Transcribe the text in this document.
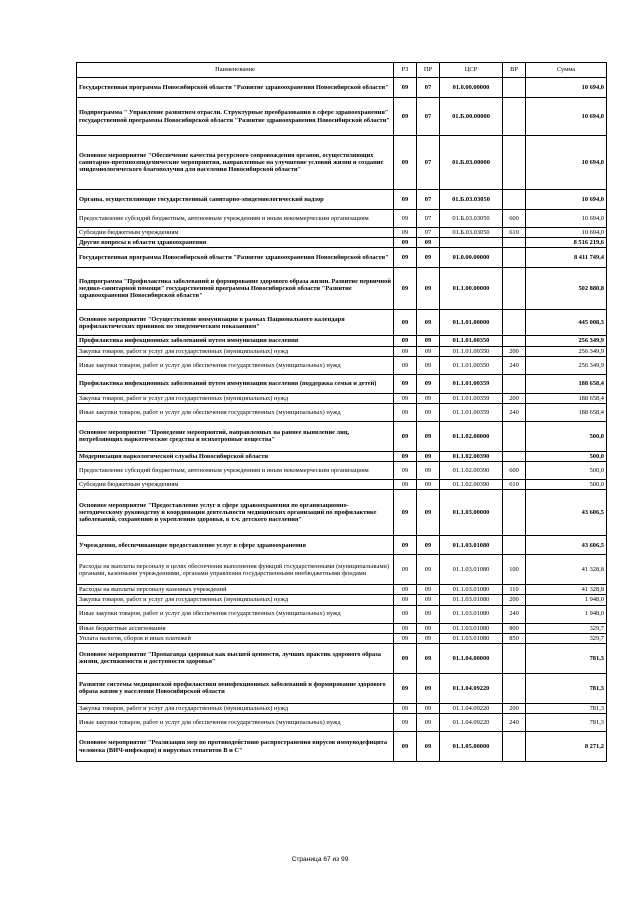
Наименование	РЗ	ПР	ЦСР	ВР	Сумма
Государственная программа Новосибирской области "Развитие здравоохранения Новосибирской области"	09	07	01.0.00.00000		10 694,0
Подпрограмма " Управление развитием отрасли. Структурные преобразования в сфере здравоохранения" государственной программы Новосибирской области "Развитие здравоохранения Новосибирской области"	09	07	01.Б.00.00000		10 694,0
Основное мероприятие "Обеспечение качества ресурсного сопровождения органов, осуществляющих санитарно-противоэпидемические мероприятия, направленные на улучшение условий жизни и создание эпидемиологического благополучия для населения Новосибирской области"	09	07	01.Б.03.00000		10 694,0
Органы, осуществляющие государственный санитарно-эпидемиологический надзор	09	07	01.Б.03.03050		10 694,0
Предоставление субсидий бюджетным, автономным учреждениям и иным некоммерческим организациям	09	07	01.Б.03.03050	600	10 694,0
Субсидии бюджетным учреждениям	09	07	01.Б.03.03050	610	10 694,0
Другие вопросы в области здравоохранения	09	09			8 516 219,6
Государственная программа Новосибирской области "Развитие здравоохранения Новосибирской области"	09	09	01.0.00.00000		8 411 749,4
Подпрограмма "Профилактика заболеваний и формирование здорового образа жизни. Развитие первичной медико-санитарной помощи" государственной программы Новосибирской области "Развитие здравоохранения Новосибирской области"	09	09	01.1.00.00000		502 880,8
Основное мероприятие "Осуществление иммунизации в рамках Национального календаря профилактических прививок по эпидемическим показаниям"	09	09	01.1.01.00000		445 008,3
Профилактика инфекционных заболеваний путем иммунизации населения	09	09	01.1.01.00350		256 349,9
Закупка товаров, работ и услуг для государственных (муниципальных) нужд	09	09	01.1.01.00350	200	256 349,9
Иные закупки товаров, работ и услуг для обеспечения государственных (муниципальных) нужд	09	09	01.1.01.00350	240	256 349,9
Профилактика инфекционных заболеваний путем иммунизации населения (поддержка семьи и детей)	09	09	01.1.01.00359		188 658,4
Закупка товаров, работ и услуг для государственных (муниципальных) нужд	09	09	01.1.01.00359	200	188 658,4
Иные закупки товаров, работ и услуг для обеспечения государственных (муниципальных) нужд	09	09	01.1.01.00359	240	188 658,4
Основное мероприятие "Проведение мероприятий, направленных на раннее выявление лиц, потребляющих наркотические средства и психотропные вещества"	09	09	01.1.02.00000		500,0
Модернизация наркологической службы Новосибирской области	09	09	01.1.02.00390		500,0
Предоставление субсидий бюджетным, автономным учреждениям и иным некоммерческим организациям	09	09	01.1.02.00390	600	500,0
Субсидии бюджетным учреждениям	09	09	01.1.02.00390	610	500,0
Основное мероприятие "Предоставление услуг в сфере здравоохранения по организационно-методическому руководству и координации деятельности медицинских организаций по профилактике заболеваний, сохранению и укреплению здоровья, в т.ч. детского населения"	09	09	01.1.03.00000		43 606,5
Учреждения, обеспечивающие предоставление услуг в сфере здравоохранения	09	09	01.1.03.01080		43 606,5
Расходы на выплаты персоналу в целях обеспечения выполнения функций государственными (муниципальными) органами, казенными учреждениями, органами управления государственными внебюджетными фондами	09	09	01.1.03.01080	100	41 328,8
Расходы на выплаты персоналу казенных учреждений	09	09	01.1.03.01080	110	41 328,8
Закупка товаров, работ и услуг для государственных (муниципальных) нужд	09	09	01.1.03.01080	200	1 948,0
Иные закупки товаров, работ и услуг для обеспечения государственных (муниципальных) нужд	09	09	01.1.03.01080	240	1 948,0
Иные бюджетные ассигнования	09	09	01.1.03.01080	800	329,7
Уплата налогов, сборов и иных платежей	09	09	01.1.03.01080	850	329,7
Основное мероприятие "Пропаганда здоровья как высшей ценности, лучших практик здорового образа жизни, достижимости и доступности здоровья"	09	09	01.1.04.00000		781,3
Развитие системы медицинской профилактики неинфекционных заболеваний и формирование здорового образа жизни у населения Новосибирской области	09	09	01.1.04.09220		781,3
Закупка товаров, работ и услуг для государственных (муниципальных) нужд	09	09	01.1.04.09220	200	781,3
Иные закупки товаров, работ и услуг для обеспечения государственных (муниципальных) нужд	09	09	01.1.04.09220	240	781,3
Основное мероприятие "Реализация мер по противодействию распространения вирусов иммунодефицита человека (ВИЧ-инфекция) и вирусных гепатитов В и С"	09	09	01.1.05.00000		8 271,2
Страница 67 из 99
